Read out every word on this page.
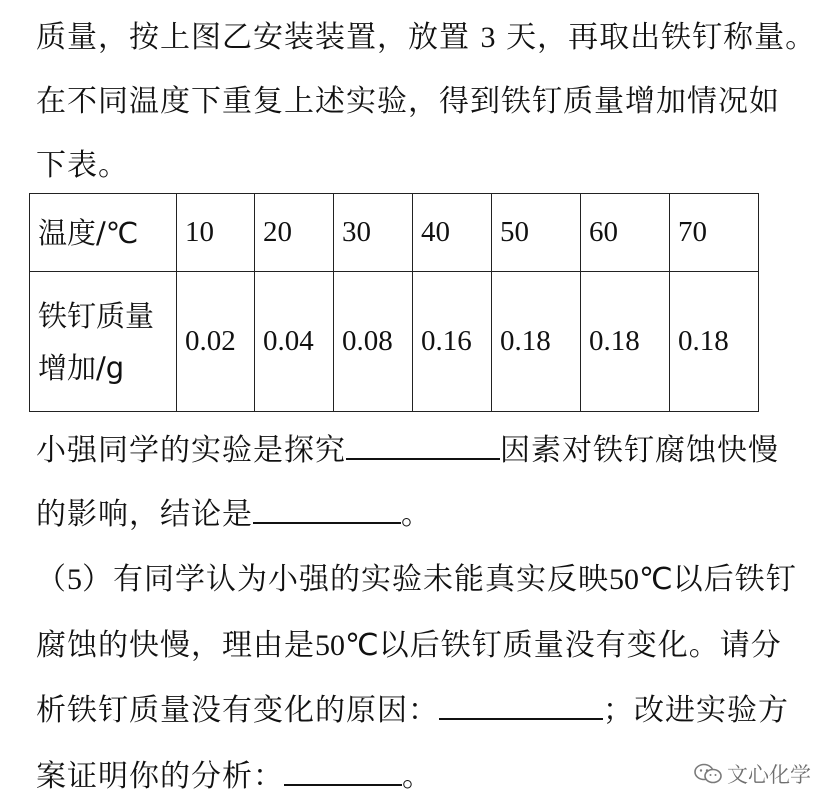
质量，按上图乙安装装置，放置 3 天，再取出铁钉称量。
在不同温度下重复上述实验，得到铁钉质量增加情况如
下表。
温度/℃	10	20	30	40	50	60	70

铁钉质量
增加/g	0.02	0.04	0.08	0.16	0.18	0.18	0.18
小强同学的实验是探究	因素对铁钉腐蚀快慢
的影响，结论是	。
（5）有同学认为小强的实验未能真实反映50℃以后铁钉
腐蚀的快慢，理由是50℃以后铁钉质量没有变化。请分
析铁钉质量没有变化的原因：	；改进实验方
案证明你的分析：	。	文心化学
